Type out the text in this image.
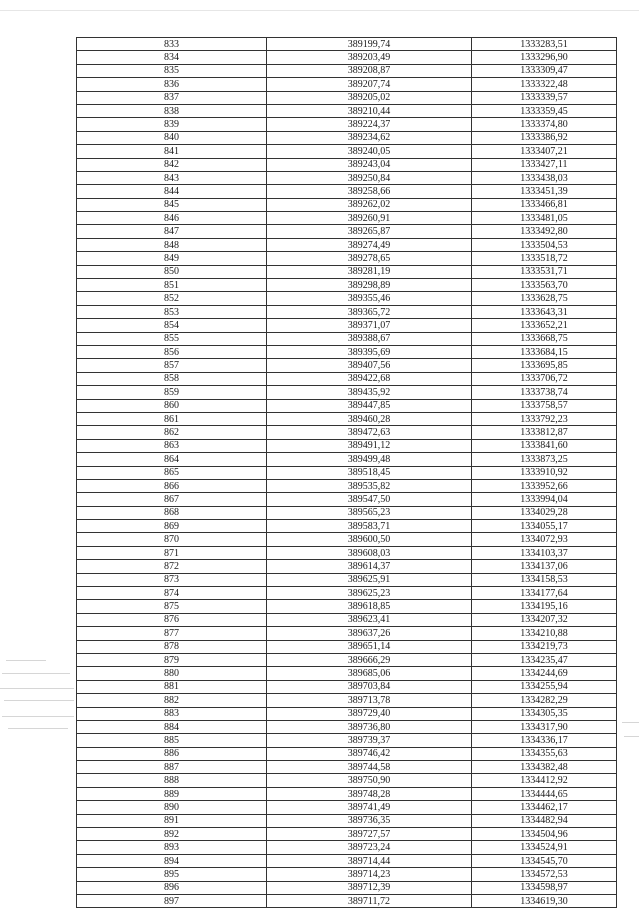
833	389199,74	1333283,51
834	389203,49	1333296,90
835	389208,87	1333309,47
836	389207,74	1333322,48
837	389205,02	1333339,57
838	389210,44	1333359,45
839	389224,37	1333374,80
840	389234,62	1333386,92
841	389240,05	1333407,21
842	389243,04	1333427,11
843	389250,84	1333438,03
844	389258,66	1333451,39
845	389262,02	1333466,81
846	389260,91	1333481,05
847	389265,87	1333492,80
848	389274,49	1333504,53
849	389278,65	1333518,72
850	389281,19	1333531,71
851	389298,89	1333563,70
852	389355,46	1333628,75
853	389365,72	1333643,31
854	389371,07	1333652,21
855	389388,67	1333668,75
856	389395,69	1333684,15
857	389407,56	1333695,85
858	389422,68	1333706,72
859	389435,92	1333738,74
860	389447,85	1333758,57
861	389460,28	1333792,23
862	389472,63	1333812,87
863	389491,12	1333841,60
864	389499,48	1333873,25
865	389518,45	1333910,92
866	389535,82	1333952,66
867	389547,50	1333994,04
868	389565,23	1334029,28
869	389583,71	1334055,17
870	389600,50	1334072,93
871	389608,03	1334103,37
872	389614,37	1334137,06
873	389625,91	1334158,53
874	389625,23	1334177,64
875	389618,85	1334195,16
876	389623,41	1334207,32
877	389637,26	1334210,88
878	389651,14	1334219,73
879	389666,29	1334235,47
880	389685,06	1334244,69
881	389703,84	1334255,94
882	389713,78	1334282,29
883	389729,40	1334305,35
884	389736,80	1334317,90
885	389739,37	1334336,17
886	389746,42	1334355,63
887	389744,58	1334382,48
888	389750,90	1334412,92
889	389748,28	1334444,65
890	389741,49	1334462,17
891	389736,35	1334482,94
892	389727,57	1334504,96
893	389723,24	1334524,91
894	389714,44	1334545,70
895	389714,23	1334572,53
896	389712,39	1334598,97
897	389711,72	1334619,30
